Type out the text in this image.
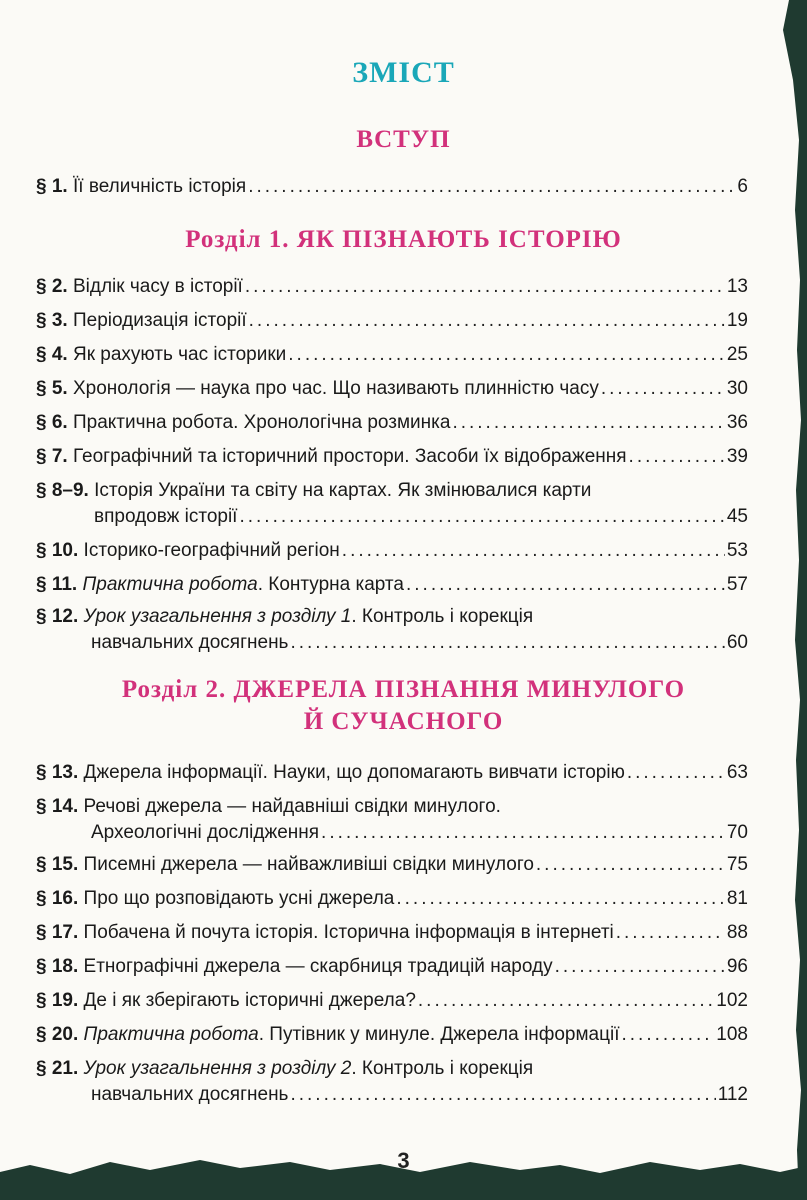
ЗМІСТ
ВСТУП
§ 1. Її величність історія .....	6
Розділ 1. ЯК ПІЗНАЮТЬ ІСТОРІЮ
§ 2. Відлік часу в історії .....	13
§ 3. Періодизація історії .....	19
§ 4. Як рахують час історики .....	25
§ 5. Хронологія — наука про час. Що називають плинністю часу .....	30
§ 6. Практична робота. Хронологічна розминка .....	36
§ 7. Географічний та історичний простори. Засоби їх відображення .....	39
§ 8–9. Історія України та світу на картах. Як змінювалися карти
впродовж історії .....	45
§ 10. Історико-географічний регіон .....	53
§ 11. Практична робота. Контурна карта .....	57
§ 12. Урок узагальнення з розділу 1. Контроль і корекція
навчальних досягнень .....	60
Розділ 2. ДЖЕРЕЛА ПІЗНАННЯ МИНУЛОГО
Й СУЧАСНОГО
§ 13. Джерела інформації. Науки, що допомагають вивчати історію .....	63
§ 14. Речові джерела — найдавніші свідки минулого.
Археологічні дослідження .....	70
§ 15. Писемні джерела — найважливіші свідки минулого .....	75
§ 16. Про що розповідають усні джерела .....	81
§ 17. Побачена й почута історія. Історична інформація в інтернеті .....	88
§ 18. Етнографічні джерела — скарбниця традицій народу .....	96
§ 19. Де і як зберігають історичні джерела? .....	102
§ 20. Практична робота. Путівник у минуле. Джерела інформації .....	108
§ 21. Урок узагальнення з розділу 2. Контроль і корекція
навчальних досягнень .....	112
3
